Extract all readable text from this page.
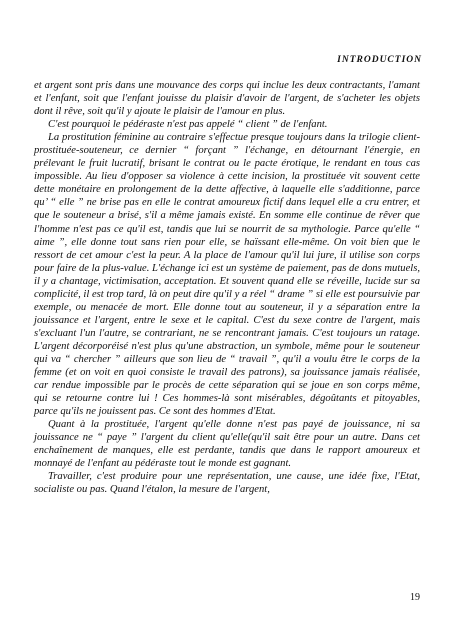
INTRODUCTION

et argent sont pris dans une mouvance des corps qui inclue les deux contractants, l'amant et l'enfant, soit que l'enfant jouisse du plaisir d'avoir de l'argent, de s'acheter les objets dont il rêve, soit qu'il y ajoute le plaisir de l'amour en plus.

C'est pourquoi le pédéraste n'est pas appelé “ client ” de l'enfant.

La prostitution féminine au contraire s'effectue presque toujours dans la trilogie client-prostituée-souteneur, ce dernier “ forçant ” l'échange, en détournant l'énergie, en prélevant le fruit lucratif, brisant le contrat ou le pacte érotique, le rendant en tous cas impossible. Au lieu d'opposer sa violence à cette incision, la prostituée vit souvent cette dette monétaire en prolongement de la dette affective, à laquelle elle s'additionne, parce qu’ “ elle ” ne brise pas en elle le contrat amoureux fictif dans lequel elle a cru entrer, et que le souteneur a brisé, s'il a même jamais existé. En somme elle continue de rêver que l'homme n'est pas ce qu'il est, tandis que lui se nourrit de sa mythologie. Parce qu'elle “ aime ”, elle donne tout sans rien pour elle, se haïssant elle-même. On voit bien que le ressort de cet amour c'est la peur. A la place de l'amour qu'il lui jure, il utilise son corps pour faire de la plus-value. L'échange ici est un système de paiement, pas de dons mutuels, il y a chantage, victimisation, acceptation. Et souvent quand elle se réveille, lucide sur sa complicité, il est trop tard, là on peut dire qu'il y a réel “ drame ” si elle est poursuivie par exemple, ou menacée de mort. Elle donne tout au souteneur, il y a séparation entre la jouissance et l'argent, entre le sexe et le capital. C'est du sexe contre de l'argent, mais s'excluant l'un l'autre, se contrariant, ne se rencontrant jamais. C'est toujours un ratage. L'argent décorporéisé n'est plus qu'une abstraction, un symbole, même pour le souteneur qui va “ chercher ” ailleurs que son lieu de “ travail ”, qu'il a voulu être le corps de la femme (et on voit en quoi consiste le travail des patrons), sa jouissance jamais réalisée, car rendue impossible par le procès de cette séparation qui se joue en son corps même, qui se retourne contre lui ! Ces hommes-là sont misérables, dégoûtants et pitoyables, parce qu'ils ne jouissent pas. Ce sont des hommes d'Etat.

Quant à la prostituée, l'argent qu'elle donne n'est pas payé de jouissance, ni sa jouissance ne “ paye ” l'argent du client qu'elle(qu'il sait être pour un autre. Dans cet enchaînement de manques, elle est perdante, tandis que dans le rapport amoureux et monnayé de l'enfant au pédéraste tout le monde est gagnant.

Travailler, c'est produire pour une représentation, une cause, une idée fixe, l'Etat, socialiste ou pas. Quand l'étalon, la mesure de l'argent,

19
